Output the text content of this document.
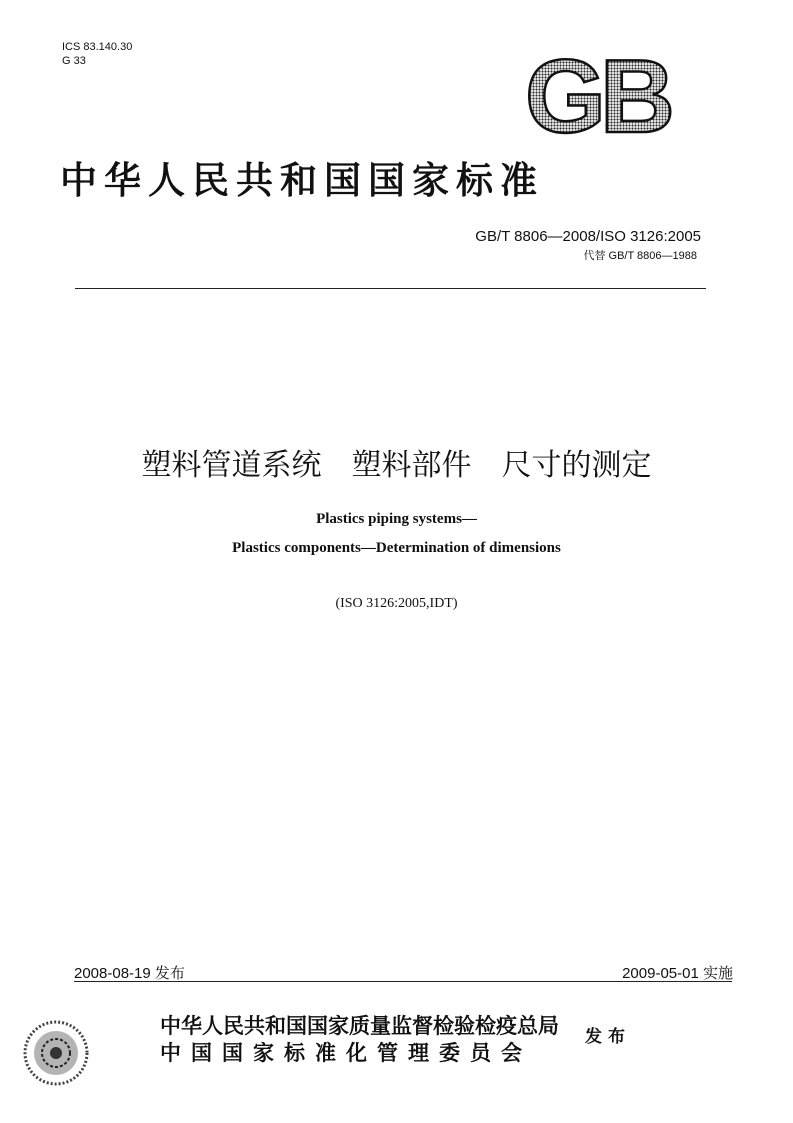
ICS 83.140.30
G 33	GB
中华人民共和国国家标准
GB/T 8806—2008/ISO 3126:2005
代替 GB/T 8806—1988
塑料管道系统　塑料部件　尺寸的测定
Plastics piping systems—
Plastics components—Determination of dimensions
(ISO 3126:2005,IDT)
2008-08-19 发布	2009-05-01 实施
中华人民共和国国家质量监督检验检疫总局
中国国家标准化管理委员会
发布
